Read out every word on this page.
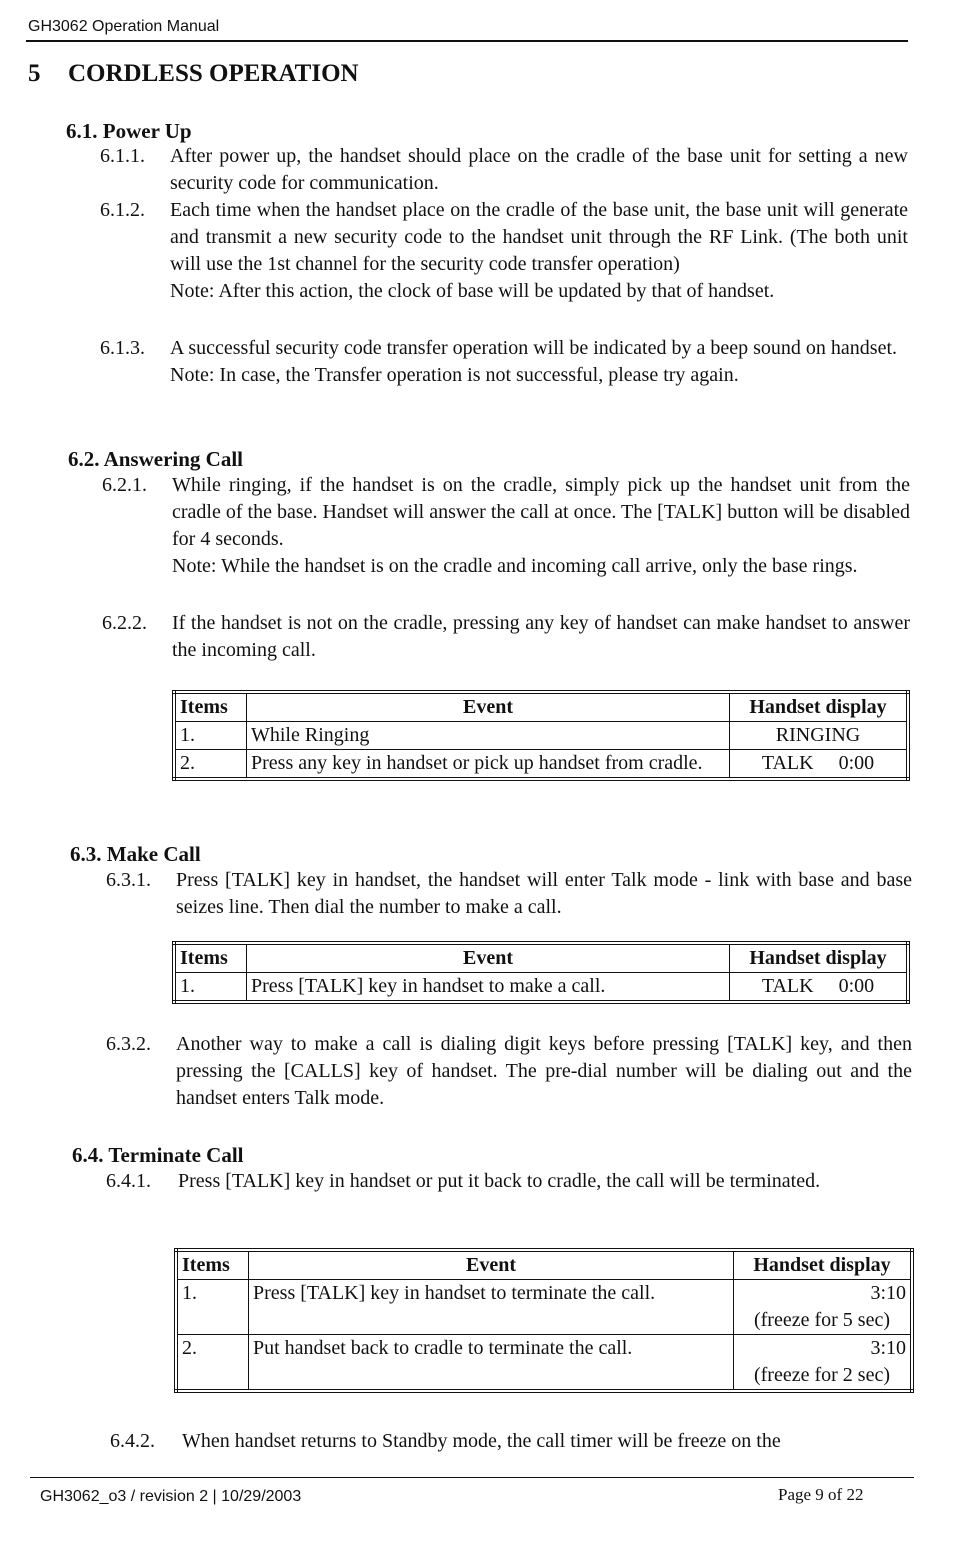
GH3062 Operation Manual
5 CORDLESS OPERATION
6.1. Power Up
6.1.1. After power up, the handset should place on the cradle of the base unit for setting a new security code for communication.
6.1.2. Each time when the handset place on the cradle of the base unit, the base unit will generate and transmit a new security code to the handset unit through the RF Link. (The both unit will use the 1st channel for the security code transfer operation)
Note: After this action, the clock of base will be updated by that of handset.
6.1.3. A successful security code transfer operation will be indicated by a beep sound on handset.
Note: In case, the Transfer operation is not successful, please try again.
6.2. Answering Call
6.2.1. While ringing, if the handset is on the cradle, simply pick up the handset unit from the cradle of the base. Handset will answer the call at once. The [TALK] button will be disabled for 4 seconds.
Note: While the handset is on the cradle and incoming call arrive, only the base rings.
6.2.2. If the handset is not on the cradle, pressing any key of handset can make handset to answer the incoming call.
Items	Event	Handset display
1.	While Ringing	RINGING
2.	Press any key in handset or pick up handset from cradle.	TALK     0:00
6.3. Make Call
6.3.1. Press [TALK] key in handset, the handset will enter Talk mode - link with base and base seizes line. Then dial the number to make a call.
Items	Event	Handset display
1.	Press [TALK] key in handset to make a call.	TALK     0:00
6.3.2. Another way to make a call is dialing digit keys before pressing [TALK] key, and then pressing the [CALLS] key of handset. The pre-dial number will be dialing out and the handset enters Talk mode.
6.4. Terminate Call
6.4.1. Press [TALK] key in handset or put it back to cradle, the call will be terminated.
Items	Event	Handset display
1.	Press [TALK] key in handset to terminate the call.	3:10
(freeze for 5 sec)

2.	Put handset back to cradle to terminate the call.	3:10
(freeze for 2 sec)
6.4.2. When handset returns to Standby mode, the call timer will be freeze on the
GH3062_o3 / revision 2 | 10/29/2003	Page 9 of 22
